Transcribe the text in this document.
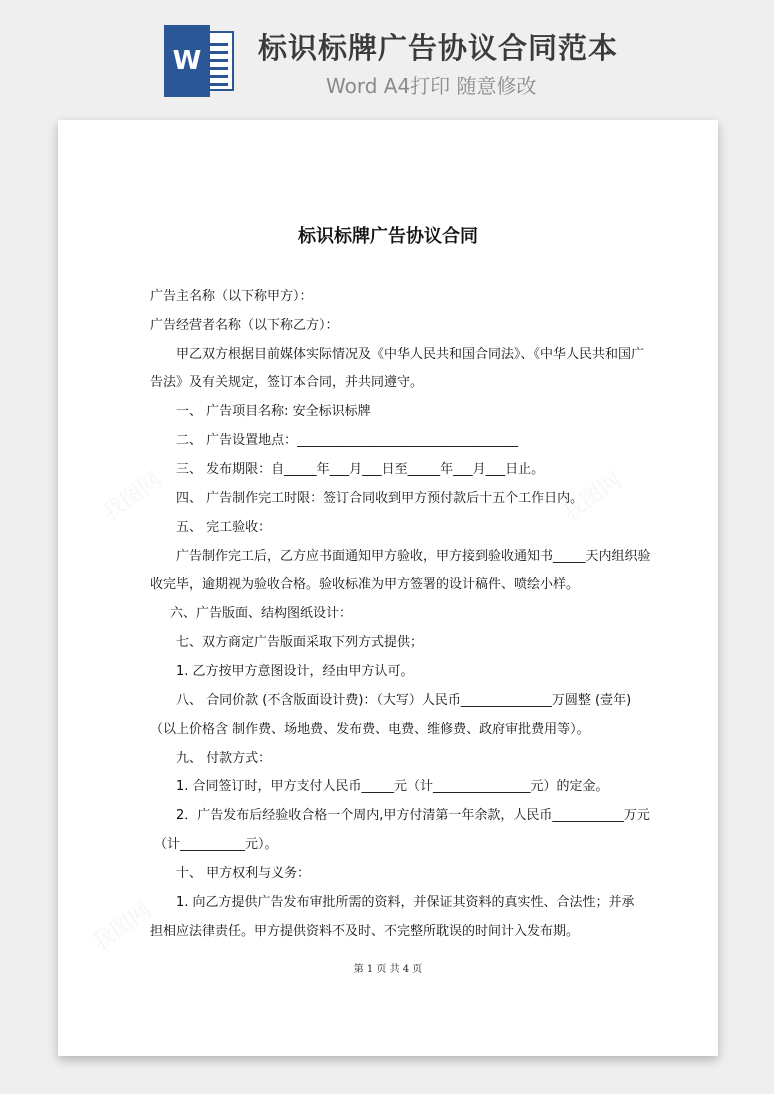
W 标识标牌广告协议合同范本
Word A4打印 随意修改
我图网	我图网
我图网
标识标牌广告协议合同
广告主名称（以下称甲方）：
广告经营者名称（以下称乙方）：
甲乙双方根据目前媒体实际情况及《中华人民共和国合同法》、《中华人民共和国广
告法》及有关规定，签订本合同，并共同遵守。
一、 广告项目名称: 安全标识标牌
二、 广告设置地点：__________________________________
三、 发布期限：自_____年___月___日至_____年___月___日止。
四、 广告制作完工时限：签订合同收到甲方预付款后十五个工作日内。
五、 完工验收：
广告制作完工后，乙方应书面通知甲方验收，甲方接到验收通知书_____天内组织验
收完毕，逾期视为验收合格。验收标准为甲方签署的设计稿件、喷绘小样。
六、广告版面、结构图纸设计：
七、双方商定广告版面采取下列方式提供；
1. 乙方按甲方意图设计，经由甲方认可。
八、 合同价款 (不含版面设计费)：（大写）人民币______________万圆整 (壹年)
（以上价格含 制作费、场地费、发布费、电费、维修费、政府审批费用等）。
九、 付款方式：
1. 合同签订时，甲方支付人民币_____元（计_______________元）的定金。
2．广告发布后经验收合格一个周内,甲方付清第一年余款，人民币___________万元
（计__________元）。
十、 甲方权利与义务：
1. 向乙方提供广告发布审批所需的资料，并保证其资料的真实性、合法性；并承
担相应法律责任。甲方提供资料不及时、不完整所耽误的时间计入发布期。
第 1 页 共 4 页
